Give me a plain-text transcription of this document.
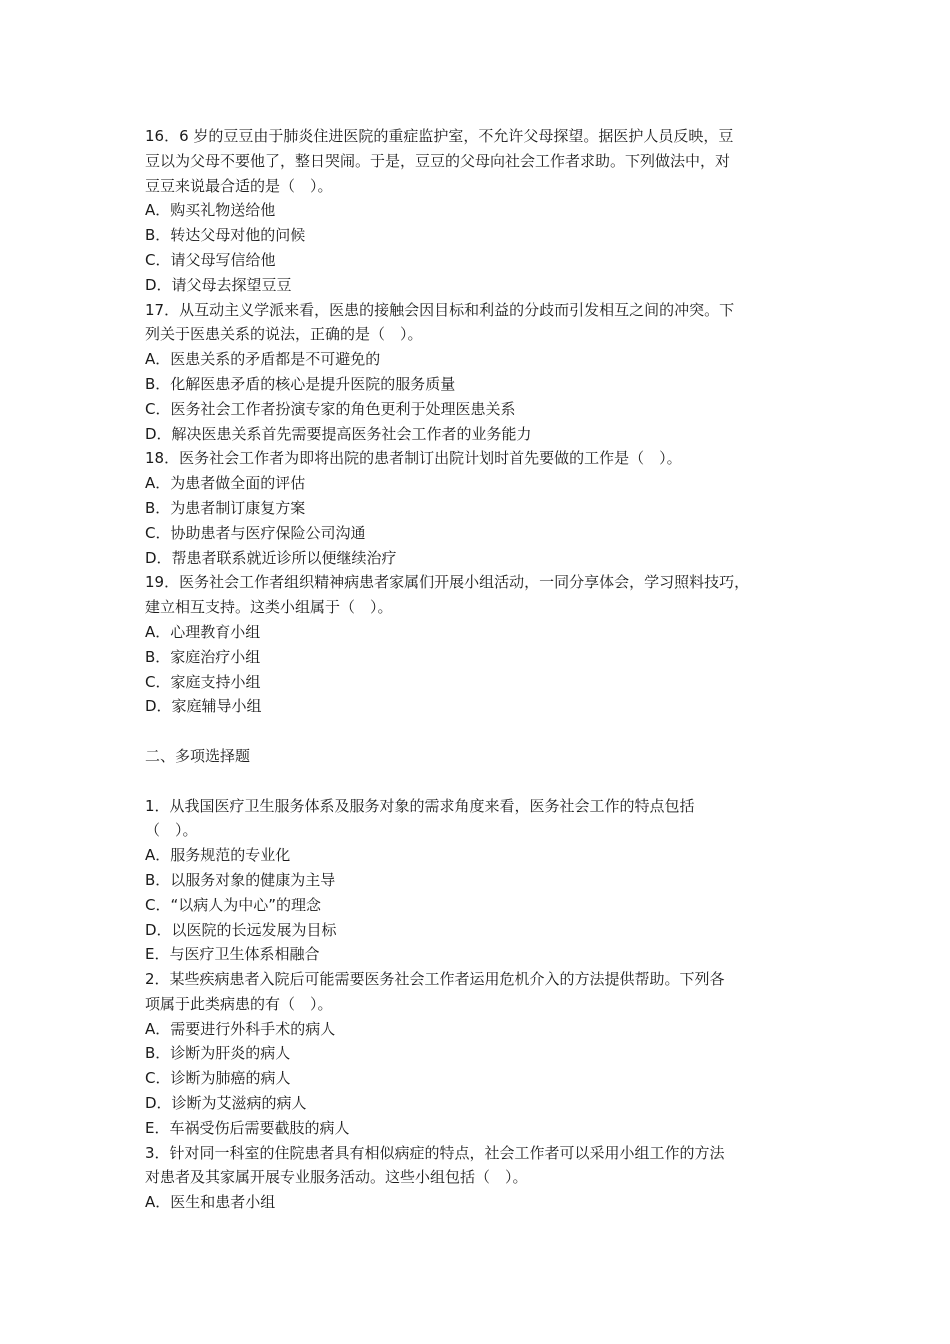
16．6 岁的豆豆由于肺炎住进医院的重症监护室，不允许父母探望。据医护人员反映，豆
豆以为父母不要他了，整日哭闹。于是，豆豆的父母向社会工作者求助。下列做法中，对
豆豆来说最合适的是（　）。
A．购买礼物送给他
B．转达父母对他的问候
C．请父母写信给他
D．请父母去探望豆豆
17．从互动主义学派来看，医患的接触会因目标和利益的分歧而引发相互之间的冲突。下
列关于医患关系的说法，正确的是（　）。
A．医患关系的矛盾都是不可避免的
B．化解医患矛盾的核心是提升医院的服务质量
C．医务社会工作者扮演专家的角色更利于处理医患关系
D．解决医患关系首先需要提高医务社会工作者的业务能力
18．医务社会工作者为即将出院的患者制订出院计划时首先要做的工作是（　）。
A．为患者做全面的评估
B．为患者制订康复方案
C．协助患者与医疗保险公司沟通
D．帮患者联系就近诊所以便继续治疗
19．医务社会工作者组织精神病患者家属们开展小组活动，一同分享体会，学习照料技巧，
建立相互支持。这类小组属于（　）。
A．心理教育小组
B．家庭治疗小组
C．家庭支持小组
D．家庭辅导小组
二、多项选择题
1．从我国医疗卫生服务体系及服务对象的需求角度来看，医务社会工作的特点包括
（　）。
A．服务规范的专业化
B．以服务对象的健康为主导
C．“以病人为中心”的理念
D．以医院的长远发展为目标
E．与医疗卫生体系相融合
2．某些疾病患者入院后可能需要医务社会工作者运用危机介入的方法提供帮助。下列各
项属于此类病患的有（　）。
A．需要进行外科手术的病人
B．诊断为肝炎的病人
C．诊断为肺癌的病人
D．诊断为艾滋病的病人
E．车祸受伤后需要截肢的病人
3．针对同一科室的住院患者具有相似病症的特点，社会工作者可以采用小组工作的方法
对患者及其家属开展专业服务活动。这些小组包括（　）。
A．医生和患者小组
